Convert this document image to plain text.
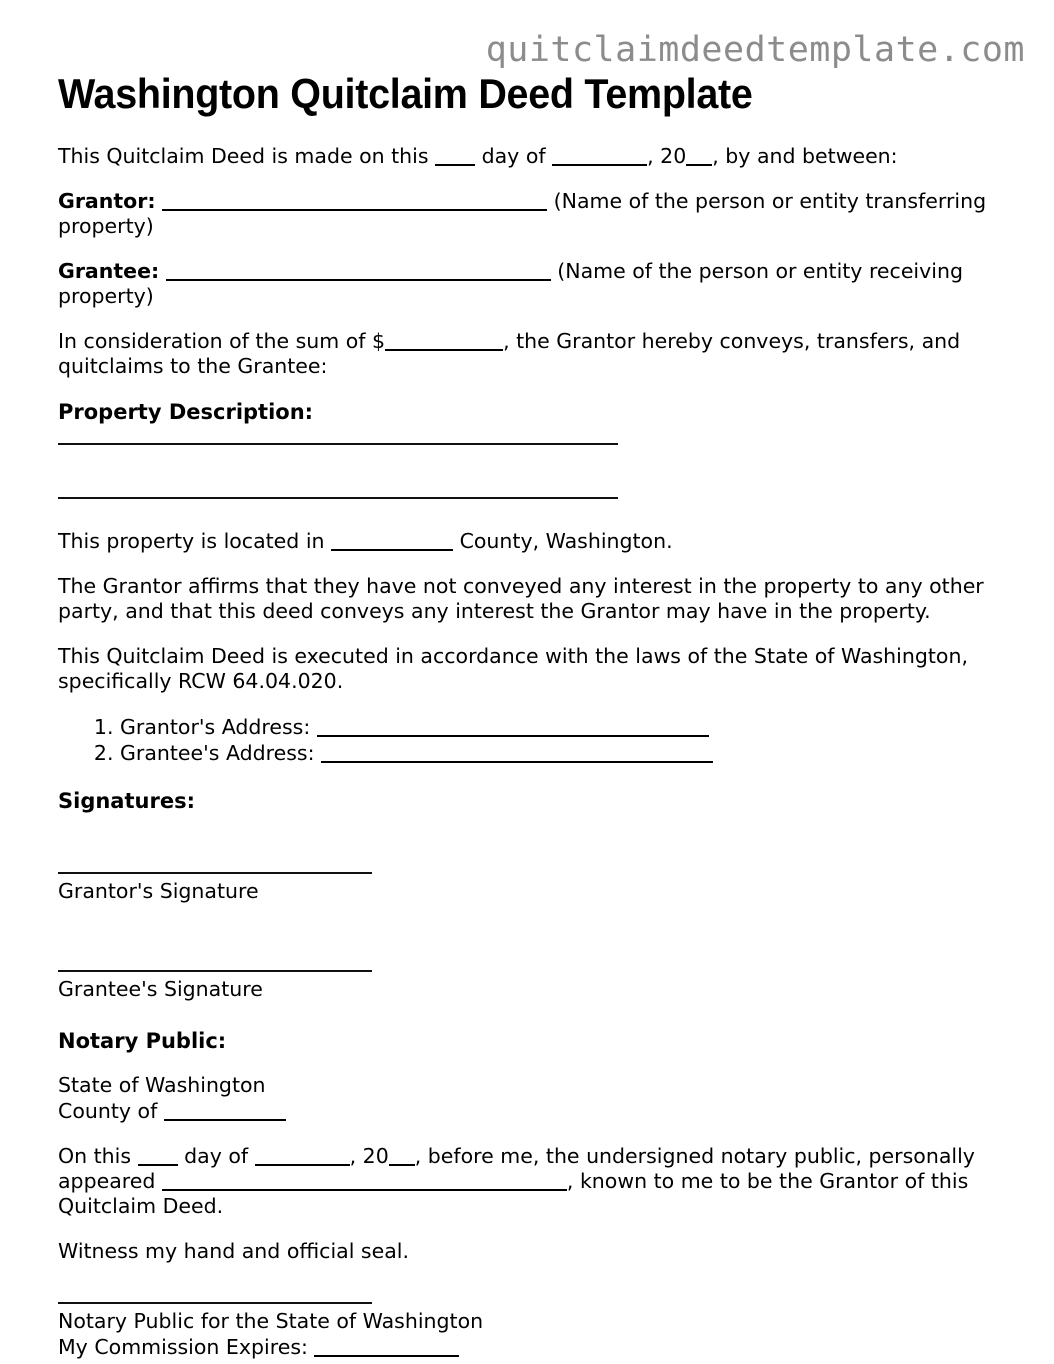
quitclaimdeedtemplate.com
Washington Quitclaim Deed Template

This Quitclaim Deed is made on this	day of	, 20 , by and between:

Grantor:	(Name of the person or entity transferring property)

Grantee:	(Name of the person or entity receiving property)

In consideration of the sum of $	, the Grantor hereby conveys, transfers, and quitclaims to the Grantee:

Property Description:

This property is located in	County, Washington.

The Grantor affirms that they have not conveyed any interest in the property to any other party, and that this deed conveys any interest the Grantor may have in the property.

This Quitclaim Deed is executed in accordance with the laws of the State of Washington, specifically RCW 64.04.020.

1. Grantor's Address:
2. Grantee's Address:
Signatures:
Grantor's Signature
Grantee's Signature
Notary Public:
State of Washington
County of

On this	day of	, 20 , before me, the undersigned notary public, personally appeared	, known to me to be the Grantor of this Quitclaim Deed.

Witness my hand and official seal.

Notary Public for the State of Washington
My Commission Expires:
